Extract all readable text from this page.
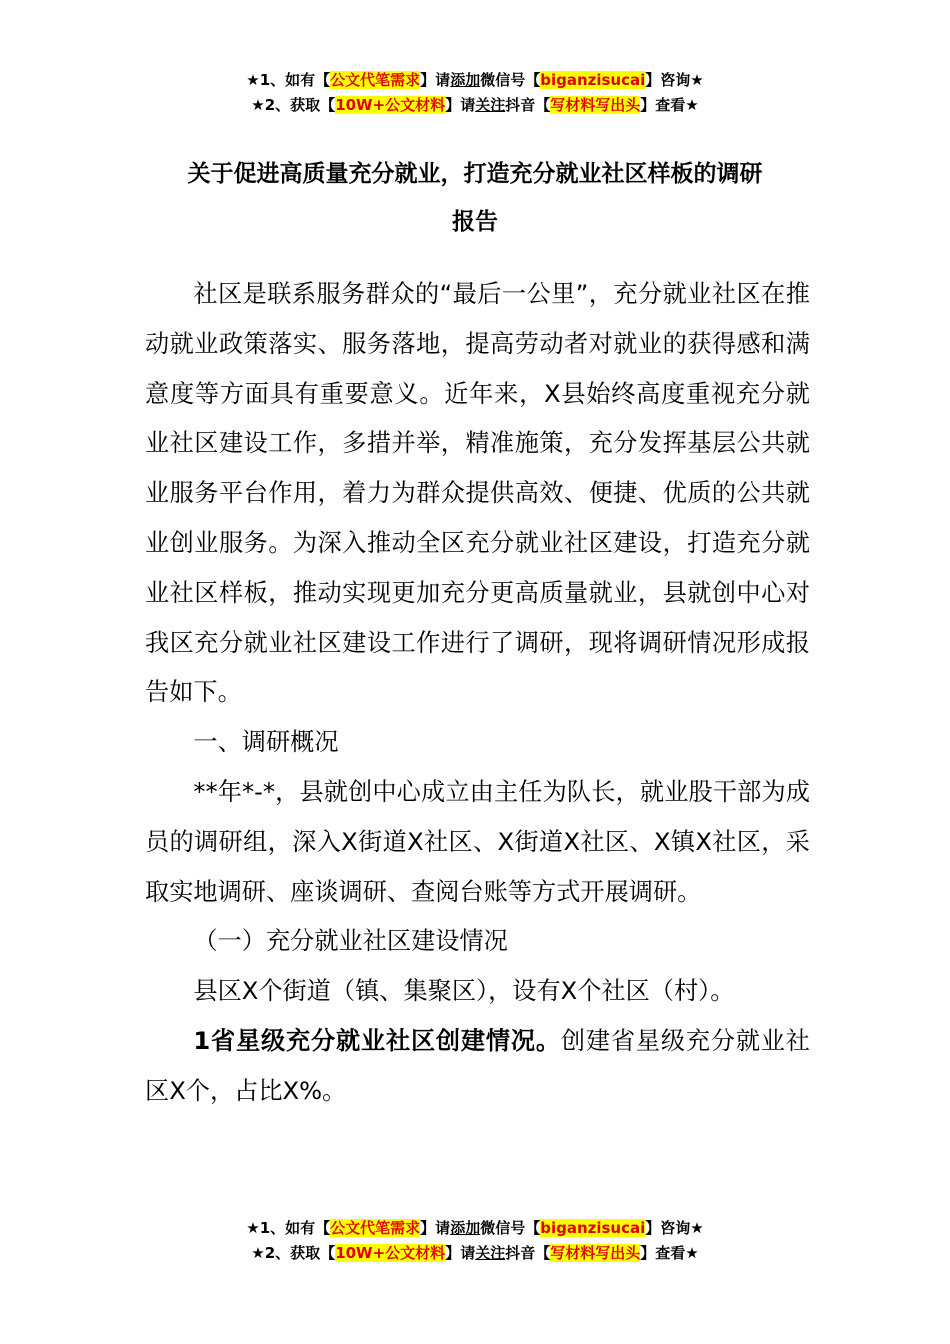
★1、如有【公文代笔需求】请添加微信号【biganzisucai】咨询★
★2、获取【10W+公文材料】请关注抖音【写材料写出头】查看★
关于促进高质量充分就业，打造充分就业社区样板的调研
报告

社区是联系服务群众的“最后一公里”，充分就业社区在推动就业政策落实、服务落地，提高劳动者对就业的获得感和满意度等方面具有重要意义。近年来，X县始终高度重视充分就业社区建设工作，多措并举，精准施策，充分发挥基层公共就业服务平台作用，着力为群众提供高效、便捷、优质的公共就业创业服务。为深入推动全区充分就业社区建设，打造充分就业社区样板，推动实现更加充分更高质量就业，县就创中心对我区充分就业社区建设工作进行了调研，现将调研情况形成报告如下。

一、调研概况

**年*-*，县就创中心成立由主任为队长，就业股干部为成员的调研组，深入X街道X社区、X街道X社区、X镇X社区，采取实地调研、座谈调研、查阅台账等方式开展调研。

（一）充分就业社区建设情况

县区X个街道（镇、集聚区），设有X个社区（村）。

1省星级充分就业社区创建情况。创建省星级充分就业社区X个，占比X%。

★1、如有【公文代笔需求】请添加微信号【biganzisucai】咨询★
★2、获取【10W+公文材料】请关注抖音【写材料写出头】查看★
